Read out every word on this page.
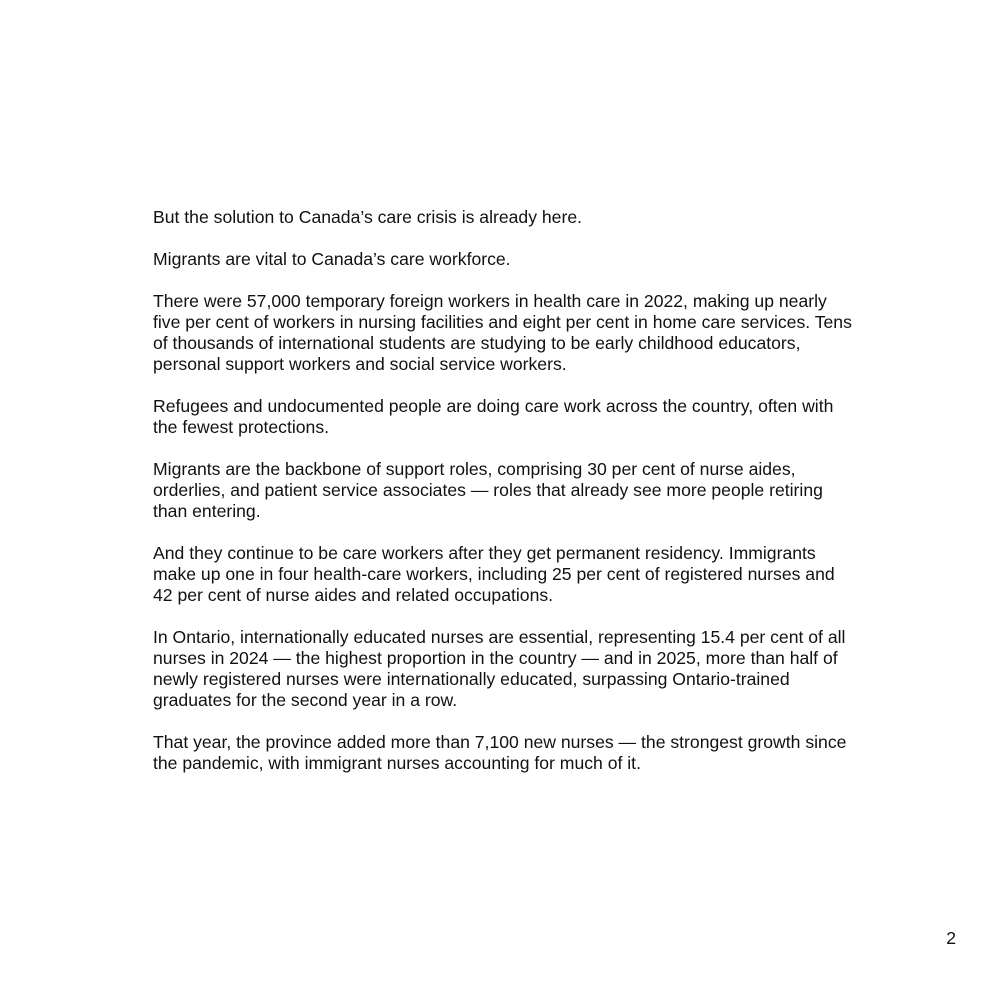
But the solution to Canada’s care crisis is already here.

Migrants are vital to Canada’s care workforce.

There were 57,000 temporary foreign workers in health care in 2022, making up nearly five per cent of workers in nursing facilities and eight per cent in home care services. Tens of thousands of international students are studying to be early childhood educators, personal support workers and social service workers.

Refugees and undocumented people are doing care work across the country, often with the fewest protections.

Migrants are the backbone of support roles, comprising 30 per cent of nurse aides, orderlies, and patient service associates — roles that already see more people retiring than entering.

And they continue to be care workers after they get permanent residency. Immigrants make up one in four health-care workers, including 25 per cent of registered nurses and 42 per cent of nurse aides and related occupations.

In Ontario, internationally educated nurses are essential, representing 15.4 per cent of all nurses in 2024 — the highest proportion in the country — and in 2025, more than half of newly registered nurses were internationally educated, surpassing Ontario-trained graduates for the second year in a row.

That year, the province added more than 7,100 new nurses — the strongest growth since the pandemic, with immigrant nurses accounting for much of it.

2
